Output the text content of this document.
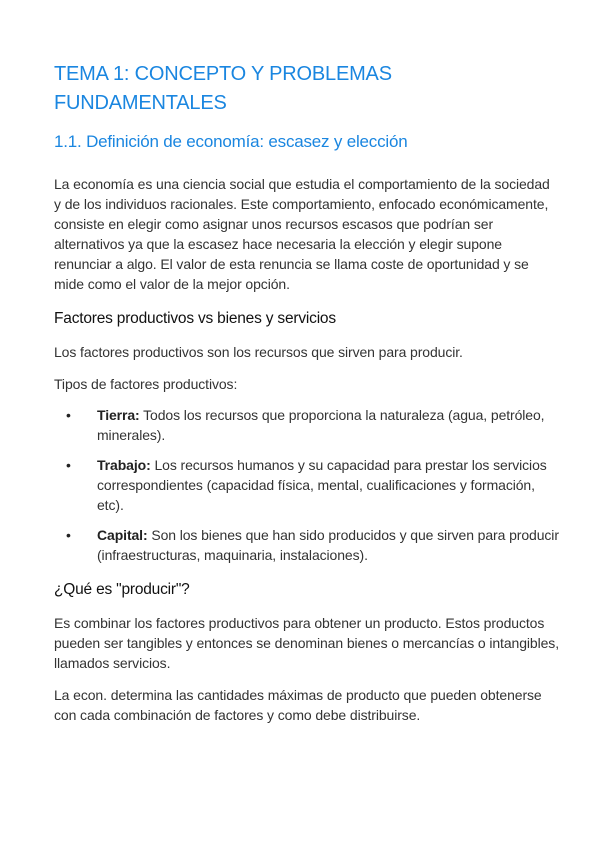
TEMA 1: CONCEPTO Y PROBLEMAS FUNDAMENTALES
1.1. Definición de economía: escasez y elección

La economía es una ciencia social que estudia el comportamiento de la sociedad y de los individuos racionales. Este comportamiento, enfocado económicamente, consiste en elegir como asignar unos recursos escasos que podrían ser alternativos ya que la escasez hace necesaria la elección y elegir supone renunciar a algo. El valor de esta renuncia se llama coste de oportunidad y se mide como el valor de la mejor opción.

Factores productivos vs bienes y servicios

Los factores productivos son los recursos que sirven para producir.

Tipos de factores productivos:

• Tierra: Todos los recursos que proporciona la naturaleza (agua, petróleo, minerales).
• Trabajo: Los recursos humanos y su capacidad para prestar los servicios correspondientes (capacidad física, mental, cualificaciones y formación, etc).
• Capital: Son los bienes que han sido producidos y que sirven para producir (infraestructuras, maquinaria, instalaciones).
¿Qué es "producir"?

Es combinar los factores productivos para obtener un producto. Estos productos pueden ser tangibles y entonces se denominan bienes o mercancías o intangibles, llamados servicios.

La econ. determina las cantidades máximas de producto que pueden obtenerse con cada combinación de factores y como debe distribuirse.
